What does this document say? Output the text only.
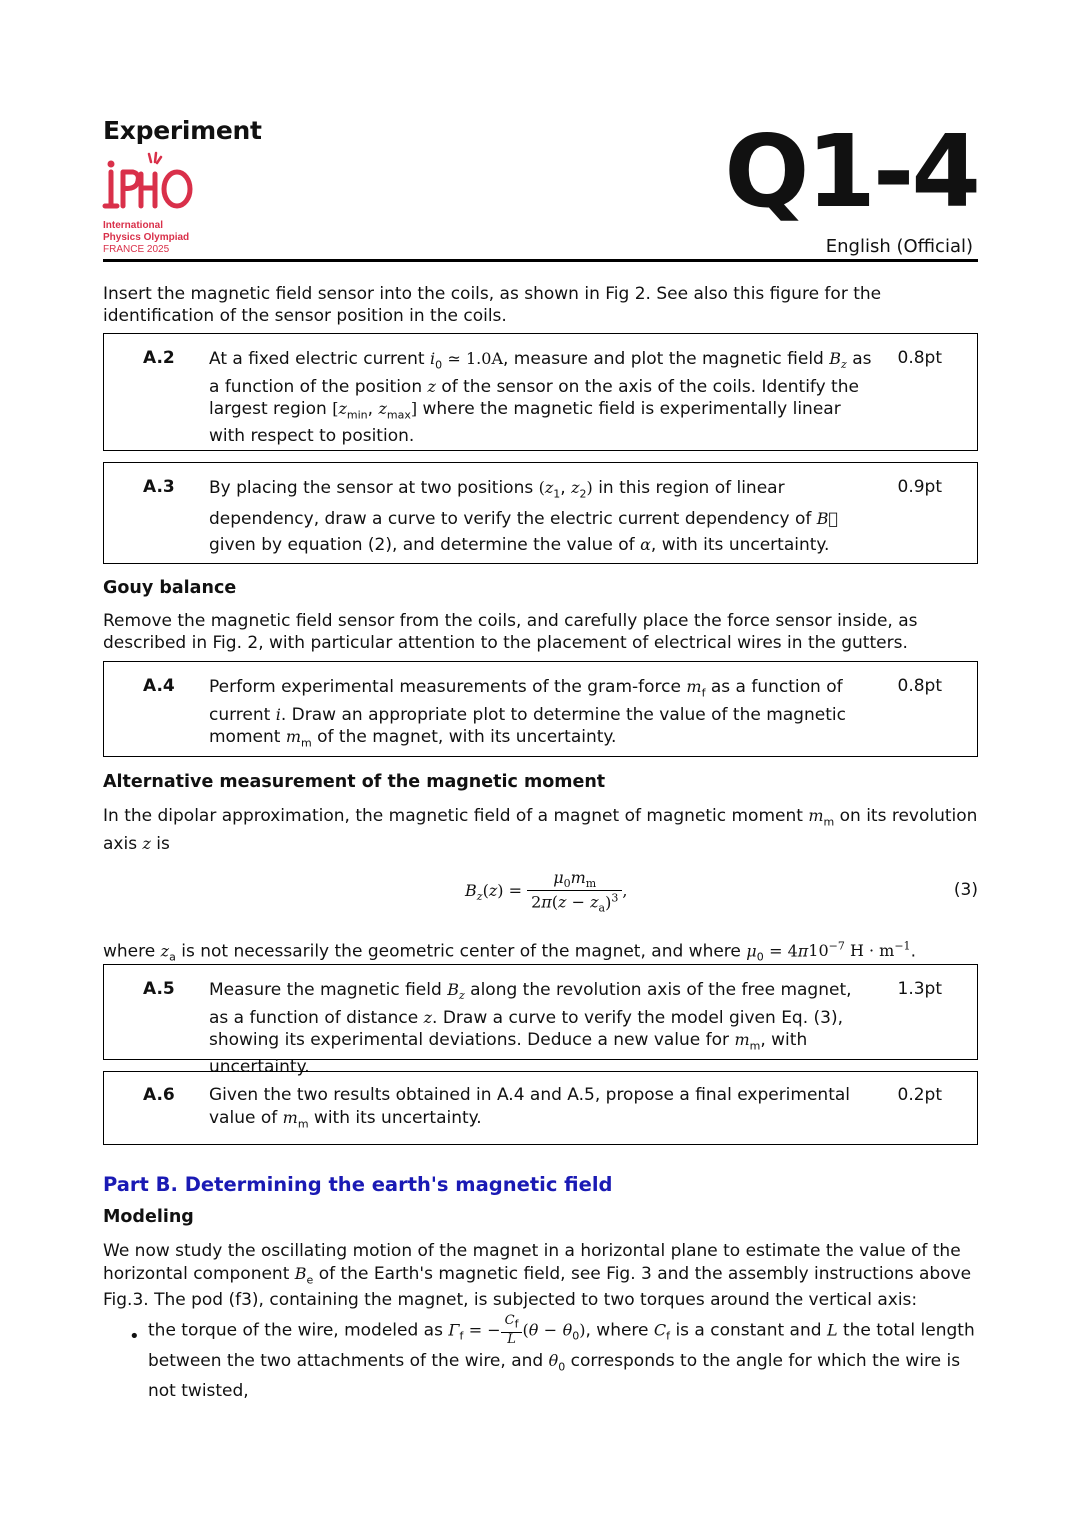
Experiment
International
Physics Olympiad
FRANCE 2025
Q1-4
English (Official)
Insert the magnetic field sensor into the coils, as shown in Fig 2. See also this figure for the identification of the sensor position in the coils.
A.2 At a fixed electric current $i_0$ ≃ 1.0A, measure and plot the magnetic field $B_z$ as a function of the position z of the sensor on the axis of the coils. Identify the largest region [$z_{min}$, $z_{max}$] where the magnetic field is experimentally linear with respect to position.
0.8pt
A.3 By placing the sensor at two positions ($z_1$, $z_2$) in this region of linear dependency, draw a curve to verify the electric current dependency of B⃗ given by equation (2), and determine the value of α, with its uncertainty.
0.9pt
Gouy balance
Remove the magnetic field sensor from the coils, and carefully place the force sensor inside, as described in Fig. 2, with particular attention to the placement of electrical wires in the gutters.
A.4 Perform experimental measurements of the gram-force $m_f$ as a function of current i. Draw an appropriate plot to determine the value of the magnetic moment $m_m$ of the magnet, with its uncertainty.
0.8pt
Alternative measurement of the magnetic moment
In the dipolar approximation, the magnetic field of a magnet of magnetic moment $m_m$ on its revolution axis z is
$B_z(z) = \frac{\mu_0m_m}{2\pi(z - z_a)^3}$ ,	(3)
where $z_a$ is not necessarily the geometric center of the magnet, and where $\mu_0 = 4\pi 10^{-7}$ $H \cdot m^{-1}$.
A.5 Measure the magnetic field $B_z$ along the revolution axis of the free magnet, as a function of distance z. Draw a curve to verify the model given Eq. (3), showing its experimental deviations. Deduce a new value for $m_m$, with uncertainty.
1.3pt
A.6 Given the two results obtained in A.4 and A.5, propose a final experimental value of $m_m$ with its uncertainty.
0.2pt
Part B. Determining the earth's magnetic field
Modeling
We now study the oscillating motion of the magnet in a horizontal plane to estimate the value of the horizontal component $B_e$ of the Earth's magnetic field, see Fig. 3 and the assembly instructions above Fig.3. The pod (f3), containing the magnet, is subjected to two torques around the vertical axis:
• the torque of the wire, modeled as $\Gamma_f$ = − $\frac{C_f}{L} (\theta - \theta_0)$, where $C_f$ is a constant and L the total length between the two attachments of the wire, and $\theta_0$ corresponds to the angle for which the wire is not twisted,
